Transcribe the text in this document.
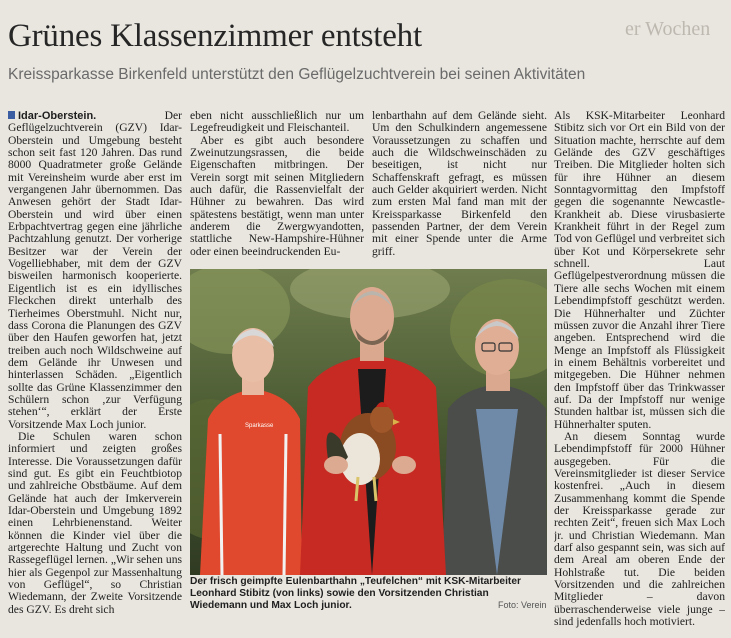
er Wochen
Grünes Klassenzimmer entsteht
Kreissparkasse Birkenfeld unterstützt den Geflügelzuchtverein bei seinen Aktivitäten

Idar-Oberstein.	Der Geflügelzuchtverein (GZV) Idar-Oberstein und Umgebung besteht schon seit fast 120 Jahren. Das rund 8000 Quadratmeter große Gelände mit Vereinsheim wurde aber erst im vergangenen Jahr übernommen. Das Anwesen gehört der Stadt Idar-Oberstein und wird über einen Erbpachtvertrag gegen eine jährliche Pachtzahlung genutzt. Der vorherige Besitzer war der Verein der Vogelliebhaber, mit dem der GZV bisweilen harmonisch kooperierte. Eigentlich ist es ein idyllisches Fleckchen direkt unterhalb des Tierheimes Oberstmuhl. Nicht nur, dass Corona die Planungen des GZV über den Haufen geworfen hat, jetzt treiben auch noch Wildschweine auf dem Gelände ihr Unwesen und hinterlassen Schäden. „Eigentlich sollte das Grüne Klassenzimmer den Schülern schon ‚zur Verfügung stehen‘“, erklärt der Erste Vorsitzende Max Loch junior.

Die Schulen waren schon informiert und zeigten großes Interesse. Die Voraussetzungen dafür sind gut. Es gibt ein Feuchtbiotop und zahlreiche Obstbäume. Auf dem Gelände hat auch der Imkerverein Idar-Oberstein und Umgebung 1892 einen Lehrbienenstand. Weiter können die Kinder viel über die artgerechte Haltung und Zucht von Rassegeflügel lernen. „Wir sehen uns hier als Gegenpol zur Massenhaltung von Geflügel“, so Christian Wiedemann, der Zweite Vorsitzende des GZV. Es dreht sich

eben nicht ausschließlich nur um Legefreudigkeit und Fleischanteil.

Aber es gibt auch besondere Zweinutzungsrassen, die beide Eigenschaften mitbringen. Der Verein sorgt mit seinen Mitgliedern auch dafür, die Rassenvielfalt der Hühner zu bewahren. Das wird spätestens bestätigt, wenn man unter anderem die Zwergwyandotten, stattliche New-Hampshire-Hühner oder einen beeindruckenden Eu-

lenbarthahn auf dem Gelände sieht. Um den Schulkindern angemessene Voraussetzungen zu schaffen und auch die Wildschweinschäden zu beseitigen, ist nicht nur Schaffenskraft gefragt, es müssen auch Gelder akquiriert werden. Nicht zum ersten Mal fand man mit der Kreissparkasse Birkenfeld den passenden Partner, der dem Verein mit einer Spende unter die Arme griff.

Als KSK-Mitarbeiter Leonhard Stibitz sich vor Ort ein Bild von der Situation machte, herrschte auf dem Gelände des GZV geschäftiges Treiben. Die Mitglieder holten sich für ihre Hühner an diesem Sonntagvormittag den Impfstoff gegen die sogenannte Newcastle-Krankheit ab. Diese virusbasierte Krankheit führt in der Regel zum Tod von Geflügel und verbreitet sich über Kot und Körpersekrete sehr schnell. Laut Geflügelpestverordnung müssen die Tiere alle sechs Wochen mit einem Lebendimpfstoff geschützt werden. Die Hühnerhalter und Züchter müssen zuvor die Anzahl ihrer Tiere angeben. Entsprechend wird die Menge an Impfstoff als Flüssigkeit in einem Behältnis vorbereitet und mitgegeben. Die Hühner nehmen den Impfstoff über das Trinkwasser auf. Da der Impfstoff nur wenige Stunden haltbar ist, müssen sich die Hühnerhalter sputen.

An diesem Sonntag wurde Lebendimpfstoff für 2000 Hühner ausgegeben. Für die Vereinsmitglieder ist dieser Service kostenfrei. „Auch in diesem Zusammenhang kommt die Spende der Kreissparkasse gerade zur rechten Zeit“, freuen sich Max Loch jr. und Christian Wiedemann. Man darf also gespannt sein, was sich auf dem Areal am oberen Ende der Hohlstraße tut. Die beiden Vorsitzenden und die zahlreichen Mitglieder – davon überraschenderweise viele junge – sind jedenfalls hoch motiviert.

Sparkasse
Der frisch geimpfte Eulenbarthahn „Teufelchen“ mit KSK-Mitarbeiter Leonhard Stibitz (von links) sowie den Vorsitzenden Christian Wiedemann und Max Loch junior.	Foto: Verein
